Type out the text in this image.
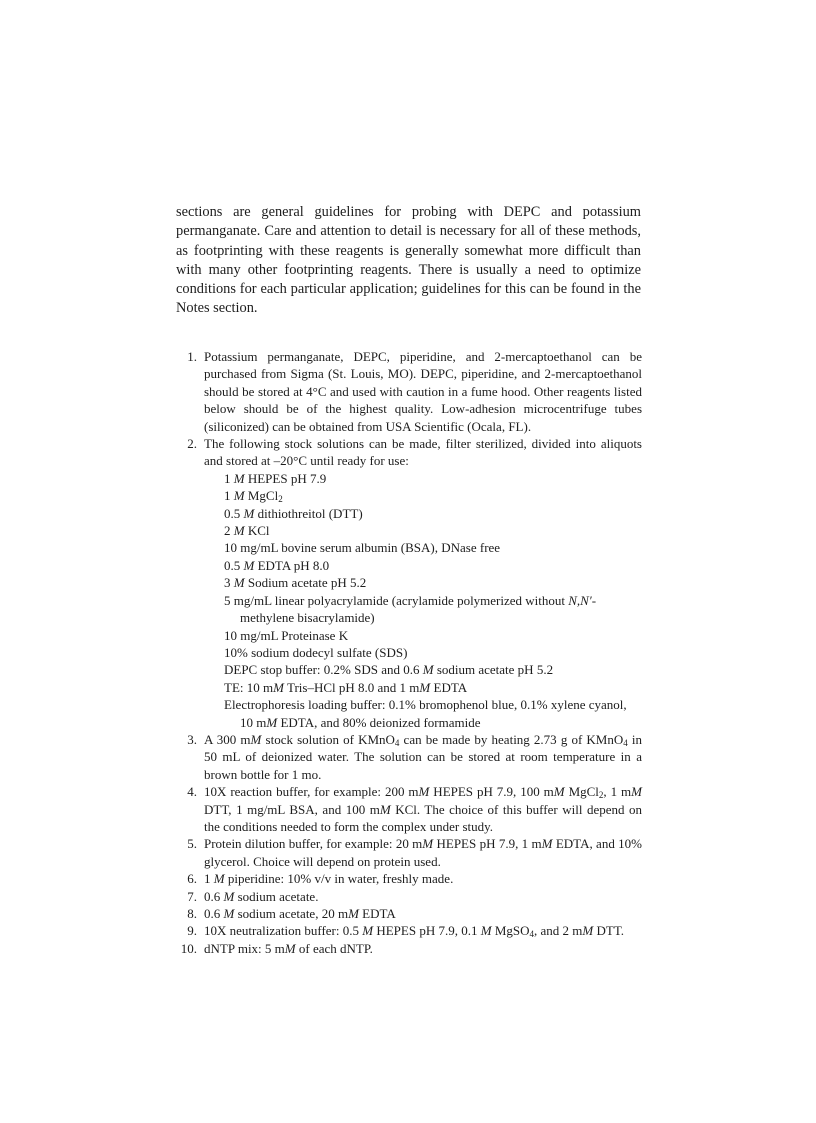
sections are general guidelines for probing with DEPC and potassium permanganate. Care and attention to detail is necessary for all of these methods, as footprinting with these reagents is generally somewhat more difficult than with many other footprinting reagents. There is usually a need to optimize conditions for each particular application; guidelines for this can be found in the Notes section.

1. Potassium permanganate, DEPC, piperidine, and 2-mercaptoethanol can be purchased from Sigma (St. Louis, MO). DEPC, piperidine, and 2-mercaptoethanol should be stored at 4°C and used with caution in a fume hood. Other reagents listed below should be of the highest quality. Low-adhesion microcentrifuge tubes (siliconized) can be obtained from USA Scientific (Ocala, FL).
2. The following stock solutions can be made, filter sterilized, divided into aliquots and stored at –20°C until ready for use:
1 M HEPES pH 7.9
1 M MgCl$_2$
0.5 M dithiothreitol (DTT)
2 M KCl
10 mg/mL bovine serum albumin (BSA), DNase free
0.5 M EDTA pH 8.0
3 M Sodium acetate pH 5.2
5 mg/mL linear polyacrylamide (acrylamide polymerized without N,N′-methylene bisacrylamide)
10 mg/mL Proteinase K
10% sodium dodecyl sulfate (SDS)
DEPC stop buffer: 0.2% SDS and 0.6 M sodium acetate pH 5.2
TE: 10 mM Tris–HCl pH 8.0 and 1 mM EDTA
Electrophoresis loading buffer: 0.1% bromophenol blue, 0.1% xylene cyanol, 10 mM EDTA, and 80% deionized formamide
3. A 300 mM stock solution of KMnO$_4$ can be made by heating 2.73 g of KMnO$_4$ in 50 mL of deionized water. The solution can be stored at room temperature in a brown bottle for 1 mo.
4. 10X reaction buffer, for example: 200 mM HEPES pH 7.9, 100 mM MgCl$_2$, 1 mM DTT, 1 mg/mL BSA, and 100 mM KCl. The choice of this buffer will depend on the conditions needed to form the complex under study.
5. Protein dilution buffer, for example: 20 mM HEPES pH 7.9, 1 mM EDTA, and 10% glycerol. Choice will depend on protein used.
6. 1 M piperidine: 10% v/v in water, freshly made.
7. 0.6 M sodium acetate.
8. 0.6 M sodium acetate, 20 mM EDTA
9. 10X neutralization buffer: 0.5 M HEPES pH 7.9, 0.1 M MgSO$_4$, and 2 mM DTT.
10. dNTP mix: 5 mM of each dNTP.
